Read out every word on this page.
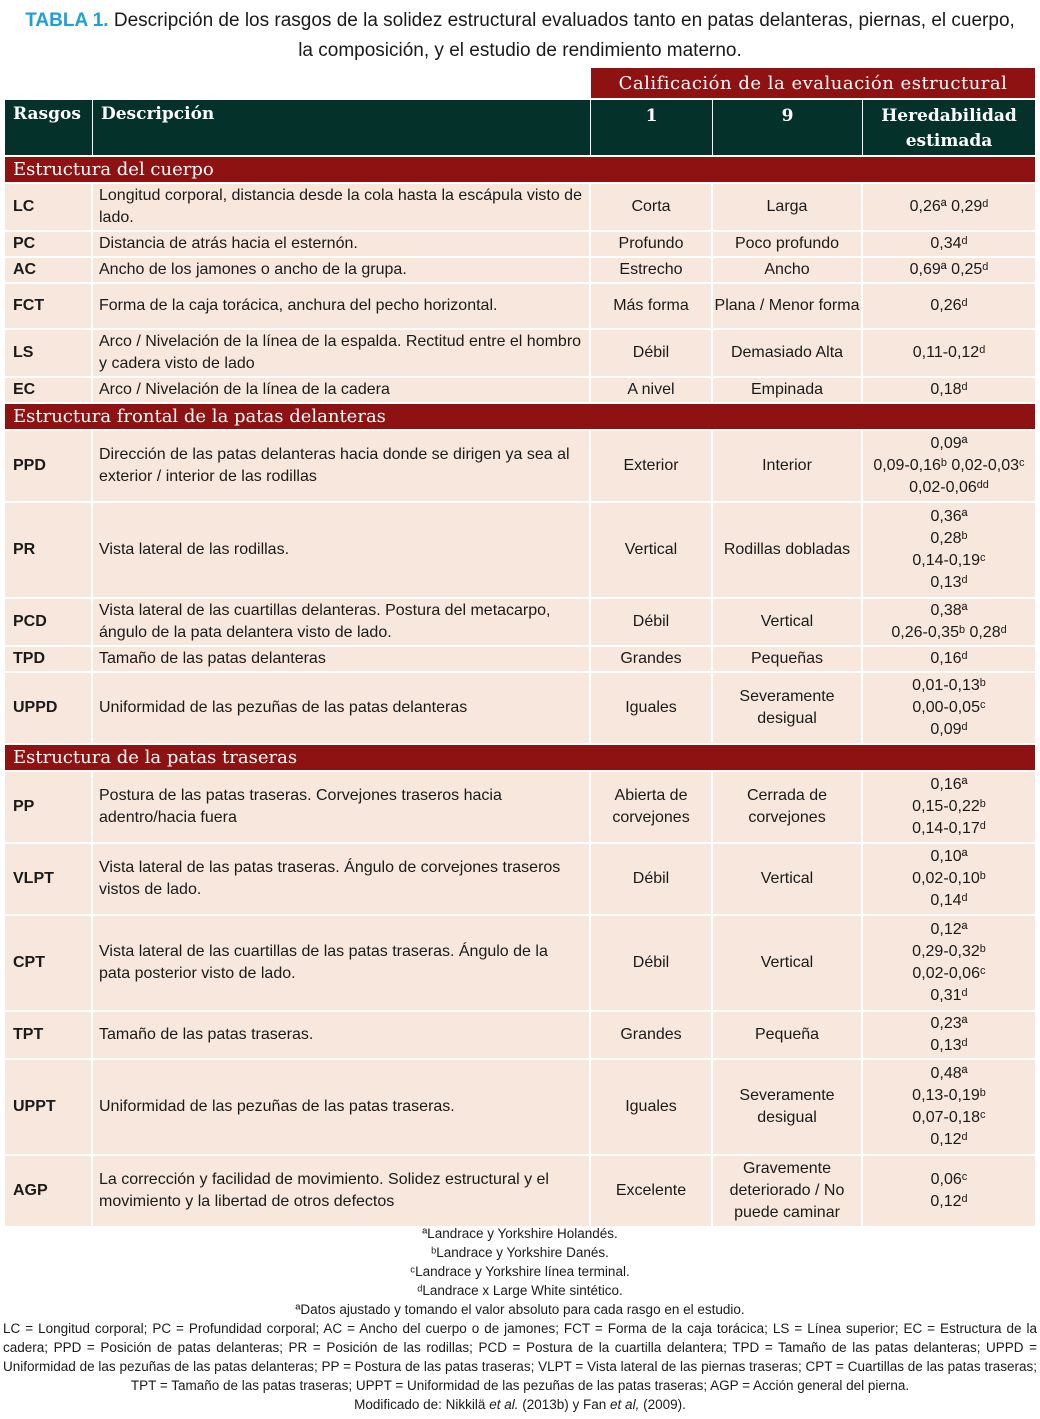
TABLA 1. Descripción de los rasgos de la solidez estructural evaluados tanto en patas delanteras, piernas, el cuerpo,
la composición, y el estudio de rendimiento materno.
		Calificación de la evaluación estructural		
Rasgos	Descripción	1	9	Heredabilidad
estimada

Estructura del cuerpo				
LC	Longitud corporal, distancia desde la cola hasta la escápula visto de lado.	Corta	Larga	0,26ª 0,29ᵈ

PC	Distancia de atrás hacia el esternón.	Profundo	Poco profundo	0,34ᵈ

AC	Ancho de los jamones o ancho de la grupa.	Estrecho	Ancho	0,69ª 0,25ᵈ

FCT	Forma de la caja torácica, anchura del pecho horizontal.	Más forma	Plana / Menor forma	0,26ᵈ

LS	Arco / Nivelación de la línea de la espalda. Rectitud entre el hombro y cadera visto de lado	Débil	Demasiado Alta	0,11-0,12ᵈ

EC	Arco / Nivelación de la línea de la cadera	A nivel	Empinada	0,18ᵈ

Estructura frontal de la patas delanteras				
PPD	Dirección de las patas delanteras hacia donde se dirigen ya sea al exterior / interior de las rodillas	Exterior	Interior	0,09ª
0,09-0,16ᵇ 0,02-0,03ᶜ
0,02-0,06ᵈᵈ

PR	Vista lateral de las rodillas.	Vertical	Rodillas dobladas	0,36ª
0,28ᵇ
0,14-0,19ᶜ
0,13ᵈ

PCD	Vista lateral de las cuartillas delanteras. Postura del metacarpo, ángulo de la pata delantera visto de lado.	Débil	Vertical	0,38ª
0,26-0,35ᵇ 0,28ᵈ

TPD	Tamaño de las patas delanteras	Grandes	Pequeñas	0,16ᵈ

UPPD	Uniformidad de las pezuñas de las patas delanteras	Iguales	Severamente desigual	0,01-0,13ᵇ
0,00-0,05ᶜ
0,09ᵈ

Estructura de la patas traseras				
PP	Postura de las patas traseras. Corvejones traseros hacia adentro/hacia fuera	Abierta de corvejones	Cerrada de corvejones	0,16ª
0,15-0,22ᵇ
0,14-0,17ᵈ

VLPT	Vista lateral de las patas traseras. Ángulo de corvejones traseros vistos de lado.	Débil	Vertical	0,10ª
0,02-0,10ᵇ
0,14ᵈ

CPT	Vista lateral de las cuartillas de las patas traseras. Ángulo de la pata posterior visto de lado.	Débil	Vertical	0,12ª
0,29-0,32ᵇ
0,02-0,06ᶜ
0,31ᵈ

TPT	Tamaño de las patas traseras.	Grandes	Pequeña	0,23ª
0,13ᵈ

UPPT	Uniformidad de las pezuñas de las patas traseras.	Iguales	Severamente desigual	0,48ª
0,13-0,19ᵇ
0,07-0,18ᶜ
0,12ᵈ

AGP	La corrección y facilidad de movimiento. Solidez estructural y el movimiento y la libertad de otros defectos	Excelente	Gravemente deteriorado / No puede caminar	0,06ᶜ
0,12ᵈ
ªLandrace y Yorkshire Holandés.
ᵇLandrace y Yorkshire Danés.
ᶜLandrace y Yorkshire línea terminal.
ᵈLandrace x Large White sintético.
ªDatos ajustado y tomando el valor absoluto para cada rasgo en el estudio.
LC = Longitud corporal; PC = Profundidad corporal; AC = Ancho del cuerpo o de jamones; FCT = Forma de la caja torácica; LS = Línea superior; EC = Estructura de la cadera; PPD = Posición de patas delanteras; PR = Posición de las rodillas; PCD = Postura de la cuartilla delantera; TPD = Tamaño de las patas delanteras; UPPD = Uniformidad de las pezuñas de las patas delanteras; PP = Postura de las patas traseras; VLPT = Vista lateral de las piernas traseras; CPT = Cuartillas de las patas traseras; TPT = Tamaño de las patas traseras; UPPT = Uniformidad de las pezuñas de las patas traseras; AGP = Acción general del pierna.
Modificado de: Nikkilä et al. (2013b) y Fan et al, (2009).
